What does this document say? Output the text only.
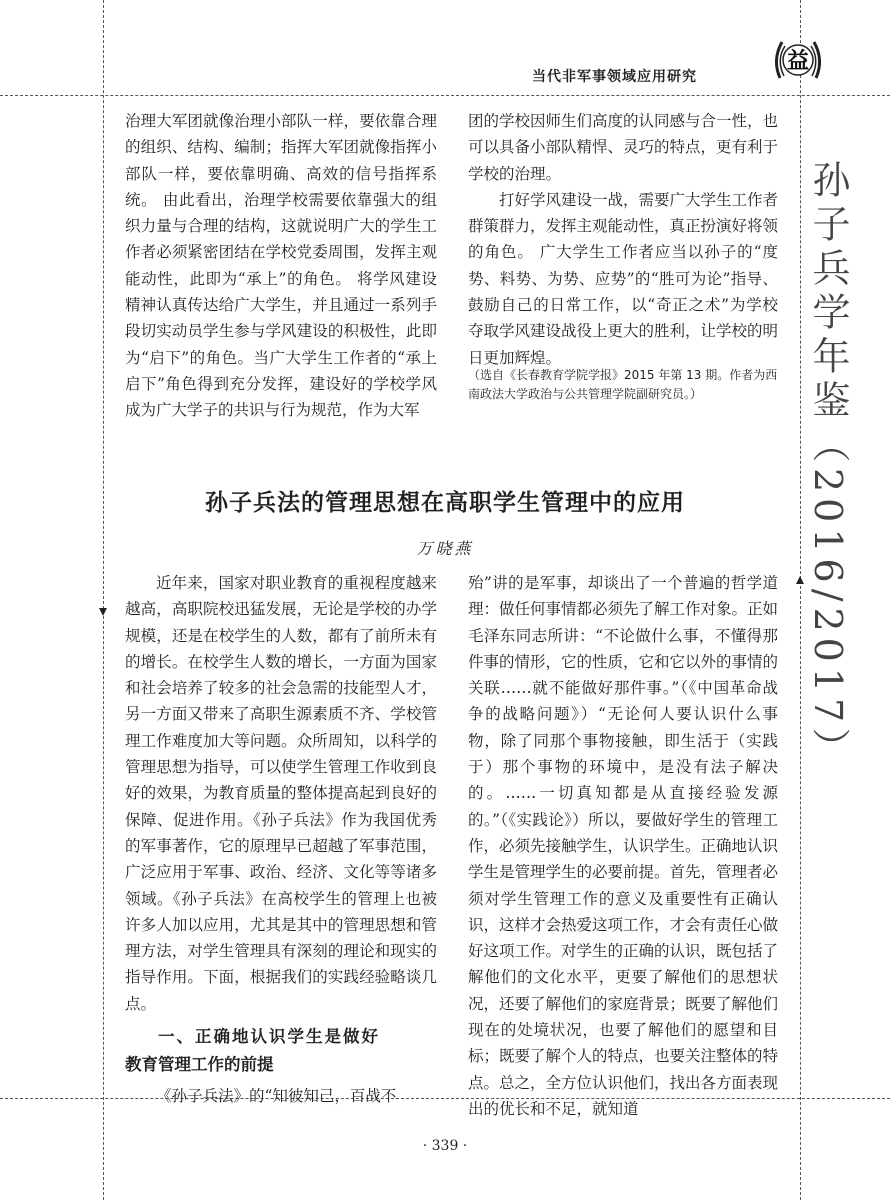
当代非军事领域应用研究
益
孙子兵学年鉴（2016/2017）

治理大军团就像治理小部队一样，要依靠合理的组织、结构、编制；指挥大军团就像指挥小部队一样，要依靠明确、高效的信号指挥系统。 由此看出，治理学校需要依靠强大的组织力量与合理的结构，这就说明广大的学生工作者必须紧密团结在学校党委周围，发挥主观能动性，此即为“承上”的角色。 将学风建设精神认真传达给广大学生，并且通过一系列手段切实动员学生参与学风建设的积极性，此即为“启下”的角色。当广大学生工作者的“承上启下”角色得到充分发挥，建设好的学校学风成为广大学子的共识与行为规范，作为大军

团的学校因师生们高度的认同感与合一性，也可以具备小部队精悍、灵巧的特点，更有利于学校的治理。

打好学风建设一战，需要广大学生工作者群策群力，发挥主观能动性，真正扮演好将领的角色。 广大学生工作者应当以孙子的“度势、料势、为势、应势”的“胜可为论”指导、鼓励自己的日常工作，以“奇正之术”为学校夺取学风建设战役上更大的胜利，让学校的明日更加辉煌。

（选自《长春教育学院学报》2015 年第 13 期。作者为西南政法大学政治与公共管理学院副研究员。）
孙子兵法的管理思想在高职学生管理中的应用
万晓燕

近年来，国家对职业教育的重视程度越来越高，高职院校迅猛发展，无论是学校的办学规模，还是在校学生的人数，都有了前所未有的增长。在校学生人数的增长，一方面为国家和社会培养了较多的社会急需的技能型人才，另一方面又带来了高职生源素质不齐、学校管理工作难度加大等问题。众所周知，以科学的管理思想为指导，可以使学生管理工作收到良好的效果，为教育质量的整体提高起到良好的保障、促进作用。《孙子兵法》作为我国优秀的军事著作，它的原理早已超越了军事范围，广泛应用于军事、政治、经济、文化等等诸多领域。《孙子兵法》在高校学生的管理上也被许多人加以应用，尤其是其中的管理思想和管理方法，对学生管理具有深刻的理论和现实的指导作用。下面，根据我们的实践经验略谈几点。

一、正确地认识学生是做好
教育管理工作的前提

《孙子兵法》的“知彼知己，百战不

殆”讲的是军事，却谈出了一个普遍的哲学道理：做任何事情都必须先了解工作对象。正如毛泽东同志所讲：“不论做什么事，不懂得那件事的情形，它的性质，它和它以外的事情的关联……就不能做好那件事。”（《中国革命战争的战略问题》）“无论何人要认识什么事物，除了同那个事物接触，即生活于（实践于）那个事物的环境中，是没有法子解决的。……一切真知都是从直接经验发源的。”（《实践论》）所以，要做好学生的管理工作，必须先接触学生，认识学生。正确地认识学生是管理学生的必要前提。首先，管理者必须对学生管理工作的意义及重要性有正确认识，这样才会热爱这项工作，才会有责任心做好这项工作。对学生的正确的认识，既包括了解他们的文化水平，更要了解他们的思想状况，还要了解他们的家庭背景；既要了解他们现在的处境状况，也要了解他们的愿望和目标；既要了解个人的特点，也要关注整体的特点。总之，全方位认识他们，找出各方面表现出的优长和不足，就知道

· 339 ·
